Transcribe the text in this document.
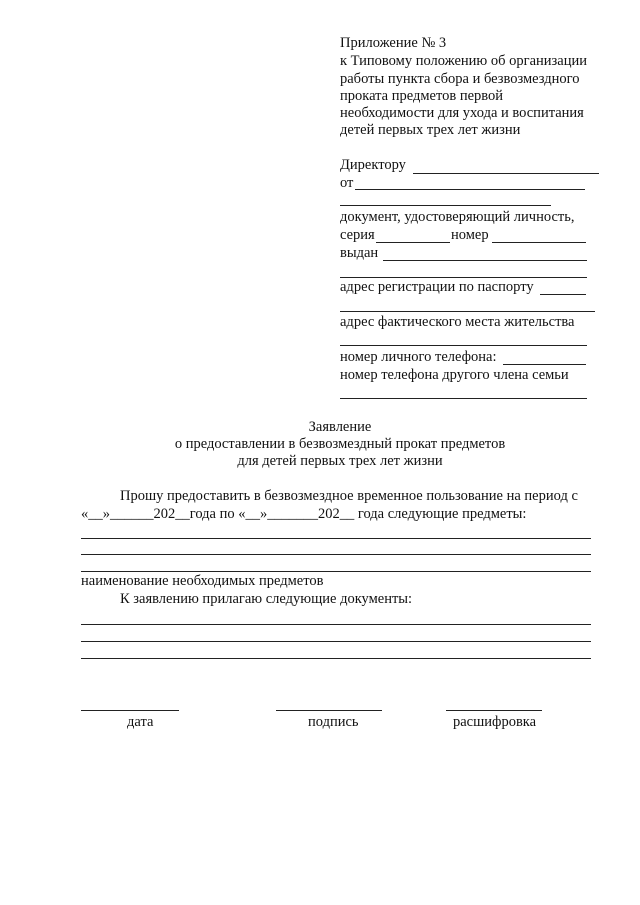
Приложение № 3
к Типовому положению об организации
работы пункта сбора и безвозмездного
проката предметов первой
необходимости для ухода и воспитания
детей первых трех лет жизни
Директору
от
документ, удостоверяющий личность,
серия	номер
выдан
адрес регистрации по паспорту
адрес фактического места жительства
номер личного телефона:
номер телефона другого члена семьи
Заявление
о предоставлении в безвозмездный прокат предметов
для детей первых трех лет жизни
Прошу предоставить в безвозмездное временное пользование на период с
«__»______202__года по «__»_______202__ года следующие предметы:
наименование необходимых предметов
К заявлению прилагаю следующие документы:
дата	подпись	расшифровка
